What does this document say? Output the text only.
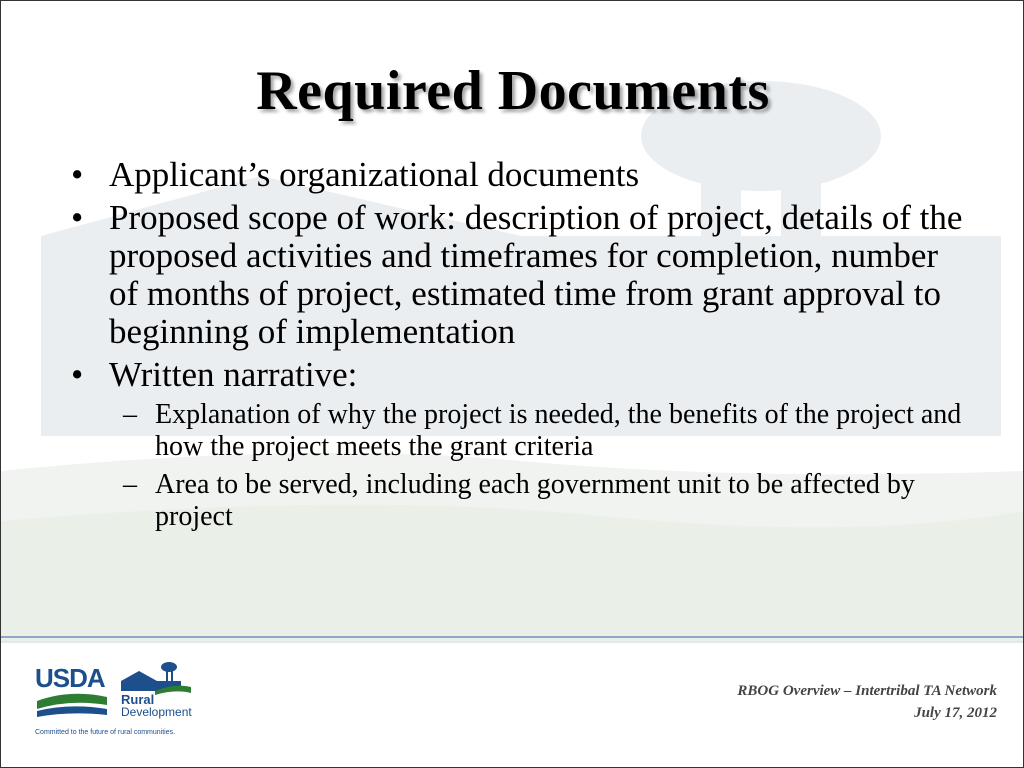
Required Documents
• Applicant’s organizational documents
• Proposed scope of work: description of project, details of the proposed activities and timeframes for completion, number of months of project, estimated time from grant approval to beginning of implementation
• Written narrative:
– Explanation of why the project is needed, the benefits of the project and how the project meets the grant criteria
– Area to be served, including each government unit to be affected by project
USDA
Rural
Development
Committed to the future of rural communities.
RBOG Overview – Intertribal TA Network
July 17, 2012
